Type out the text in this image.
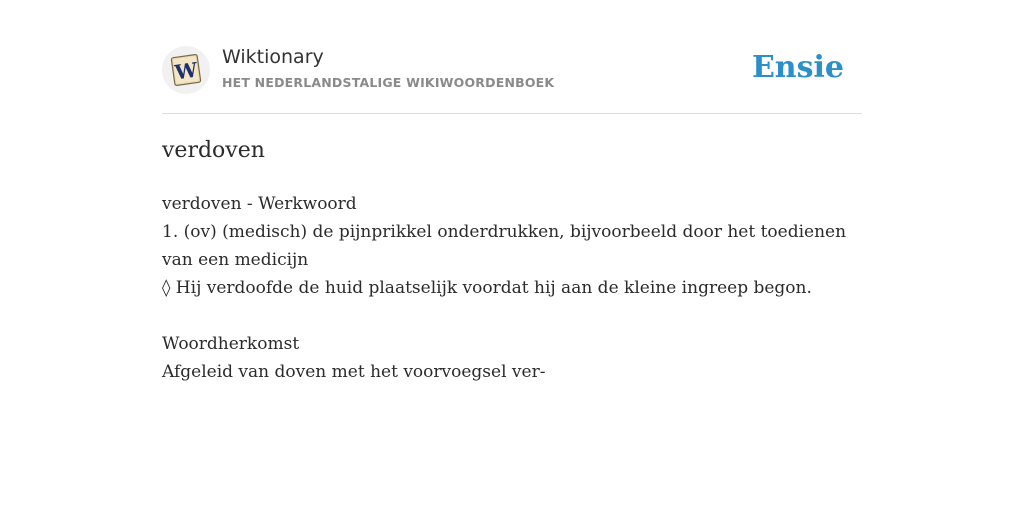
W
Wiktionary
HET NEDERLANDSTALIGE WIKIWOORDENBOEK	Ensie
verdoven
verdoven - Werkwoord
1. (ov) (medisch) de pijnprikkel onderdrukken, bijvoorbeeld door het toedienen
van een medicijn
◊ Hij verdoofde de huid plaatselijk voordat hij aan de kleine ingreep begon.
Woordherkomst
Afgeleid van doven met het voorvoegsel ver-
